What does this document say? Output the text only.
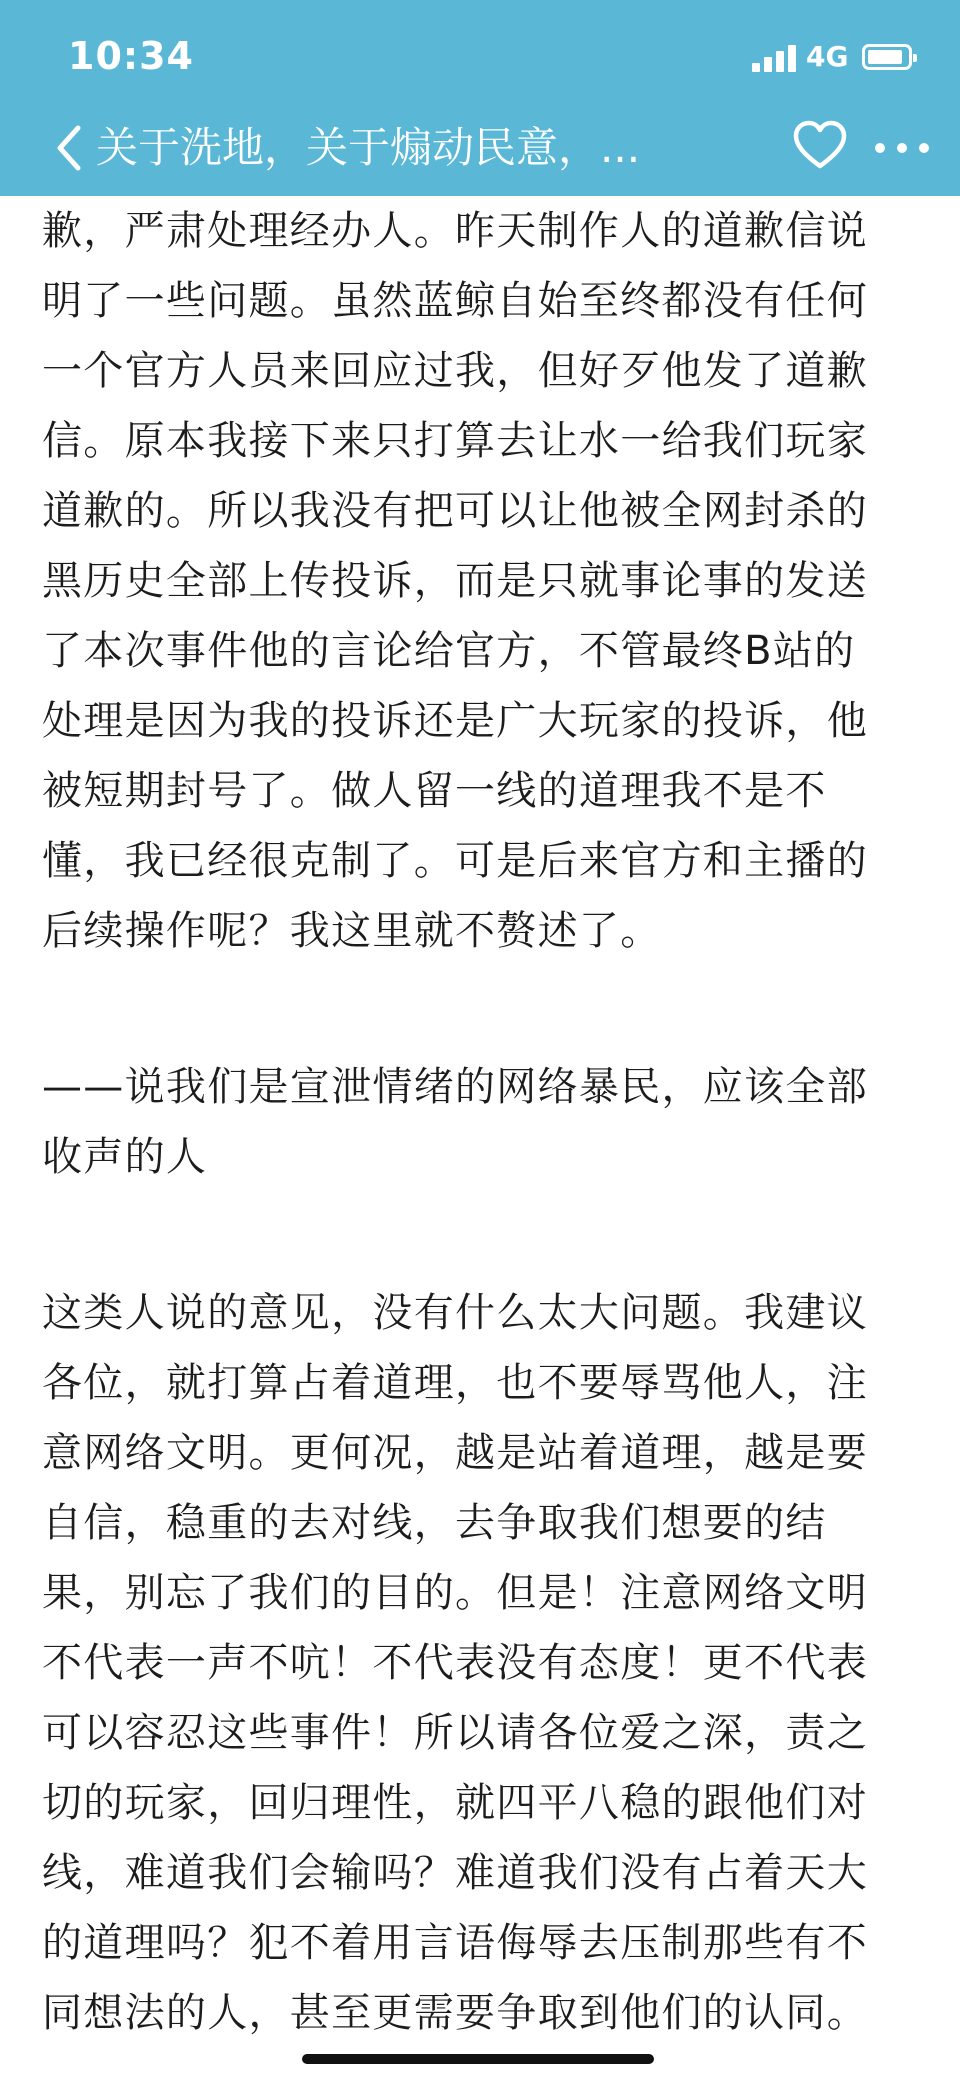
10:34	4G
关于洗地，关于煽动民意，...

歉，严肃处理经办人。昨天制作人的道歉信说
明了一些问题。虽然蓝鲸自始至终都没有任何
一个官方人员来回应过我，但好歹他发了道歉
信。原本我接下来只打算去让水一给我们玩家
道歉的。所以我没有把可以让他被全网封杀的
黑历史全部上传投诉，而是只就事论事的发送
了本次事件他的言论给官方，不管最终B站的
处理是因为我的投诉还是广大玩家的投诉，他
被短期封号了。做人留一线的道理我不是不
懂，我已经很克制了。可是后来官方和主播的
后续操作呢？我这里就不赘述了。

——说我们是宣泄情绪的网络暴民，应该全部
收声的人

这类人说的意见，没有什么太大问题。我建议
各位，就打算占着道理，也不要辱骂他人，注
意网络文明。更何况，越是站着道理，越是要
自信，稳重的去对线，去争取我们想要的结
果，别忘了我们的目的。但是！注意网络文明
不代表一声不吭！不代表没有态度！更不代表
可以容忍这些事件！所以请各位爱之深，责之
切的玩家，回归理性，就四平八稳的跟他们对
线，难道我们会输吗？难道我们没有占着天大
的道理吗？犯不着用言语侮辱去压制那些有不
同想法的人，甚至更需要争取到他们的认同。
